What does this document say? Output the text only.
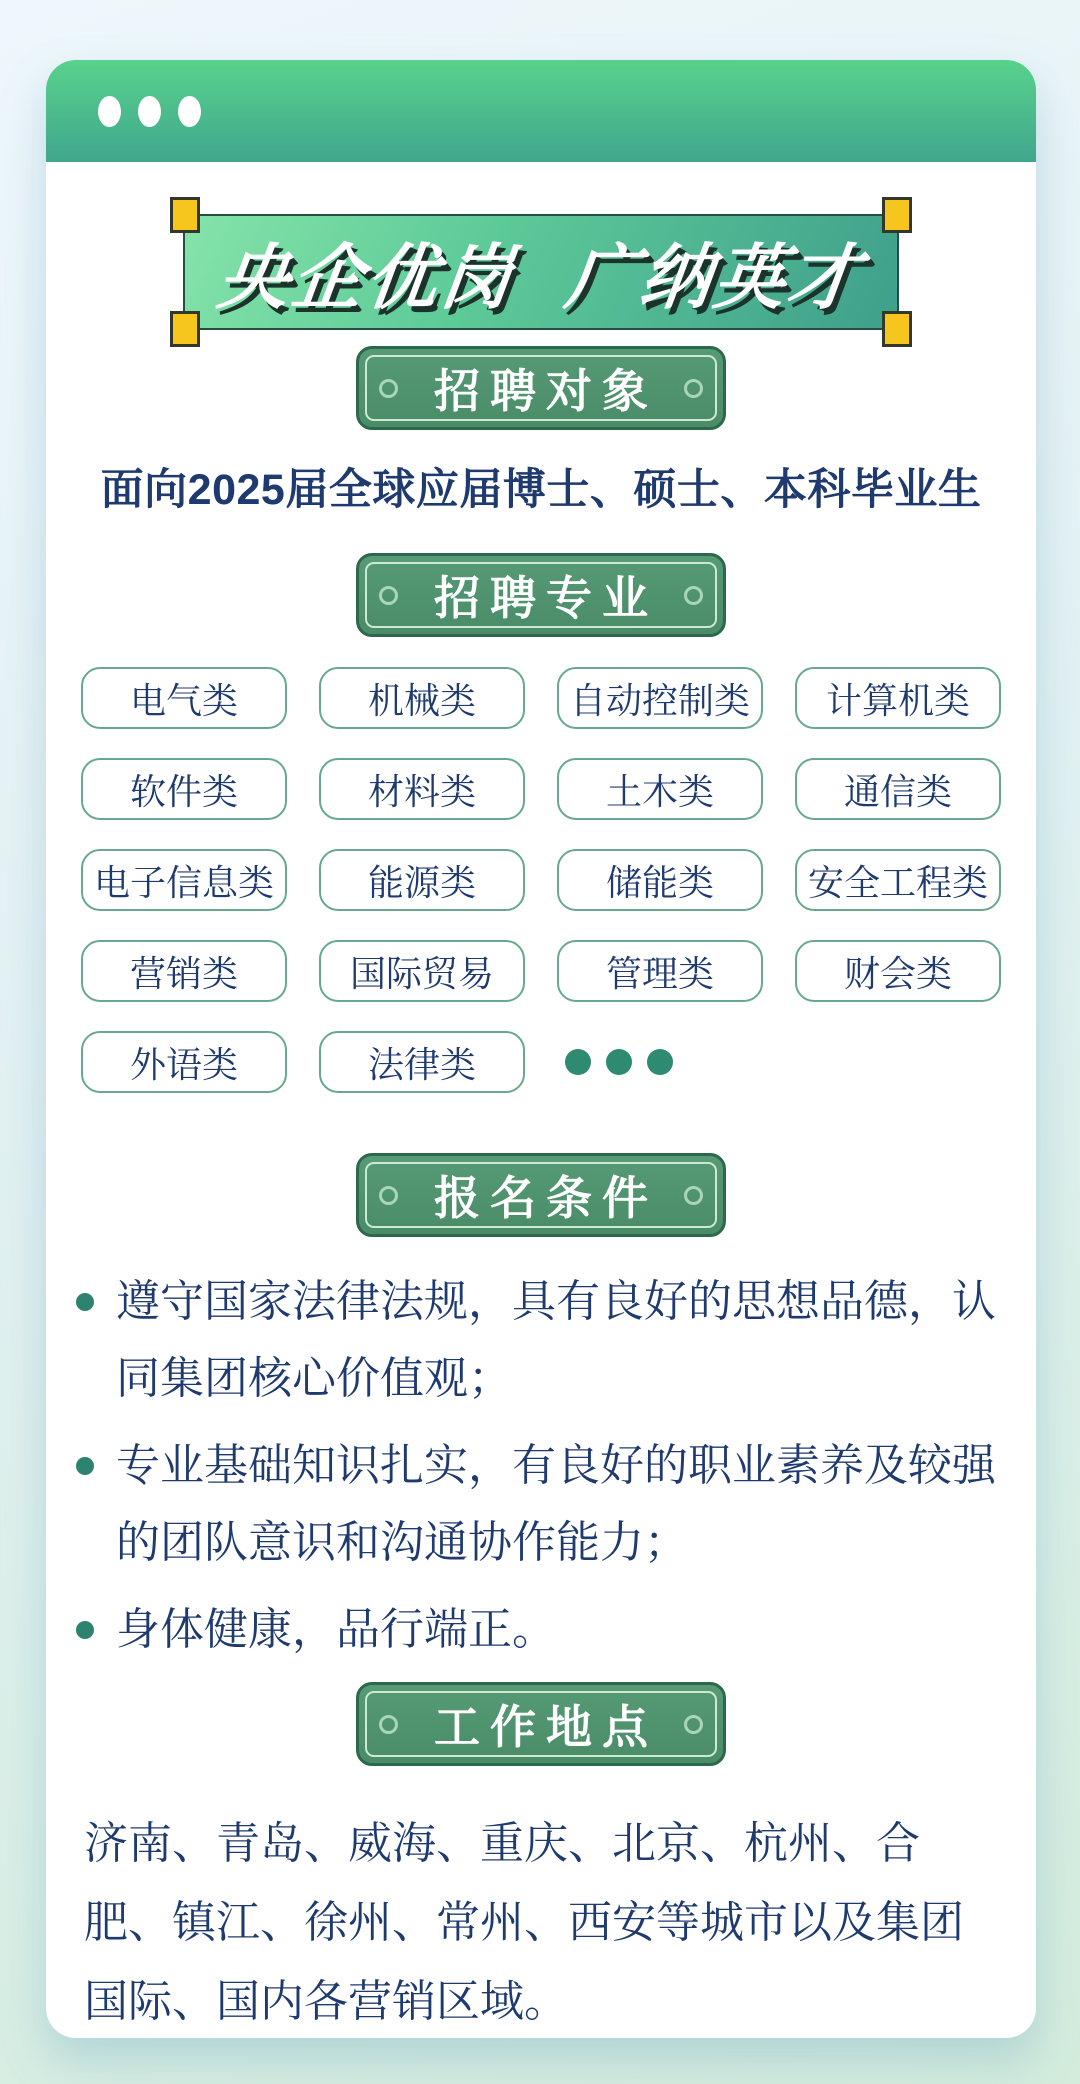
央企优岗 广纳英才
招聘对象
面向2025届全球应届博士、硕士、本科毕业生
招聘专业
电气类	机械类	自动控制类	计算机类
软件类	材料类	土木类	通信类
电子信息类	能源类	储能类	安全工程类
营销类	国际贸易	管理类	财会类
外语类	法律类
报名条件
遵守国家法律法规，具有良好的思想品德，认同集团核心价值观；
专业基础知识扎实，有良好的职业素养及较强的团队意识和沟通协作能力；
身体健康，品行端正。
工作地点
济南、青岛、威海、重庆、北京、杭州、合肥、镇江、徐州、常州、西安等城市以及集团国际、国内各营销区域。
